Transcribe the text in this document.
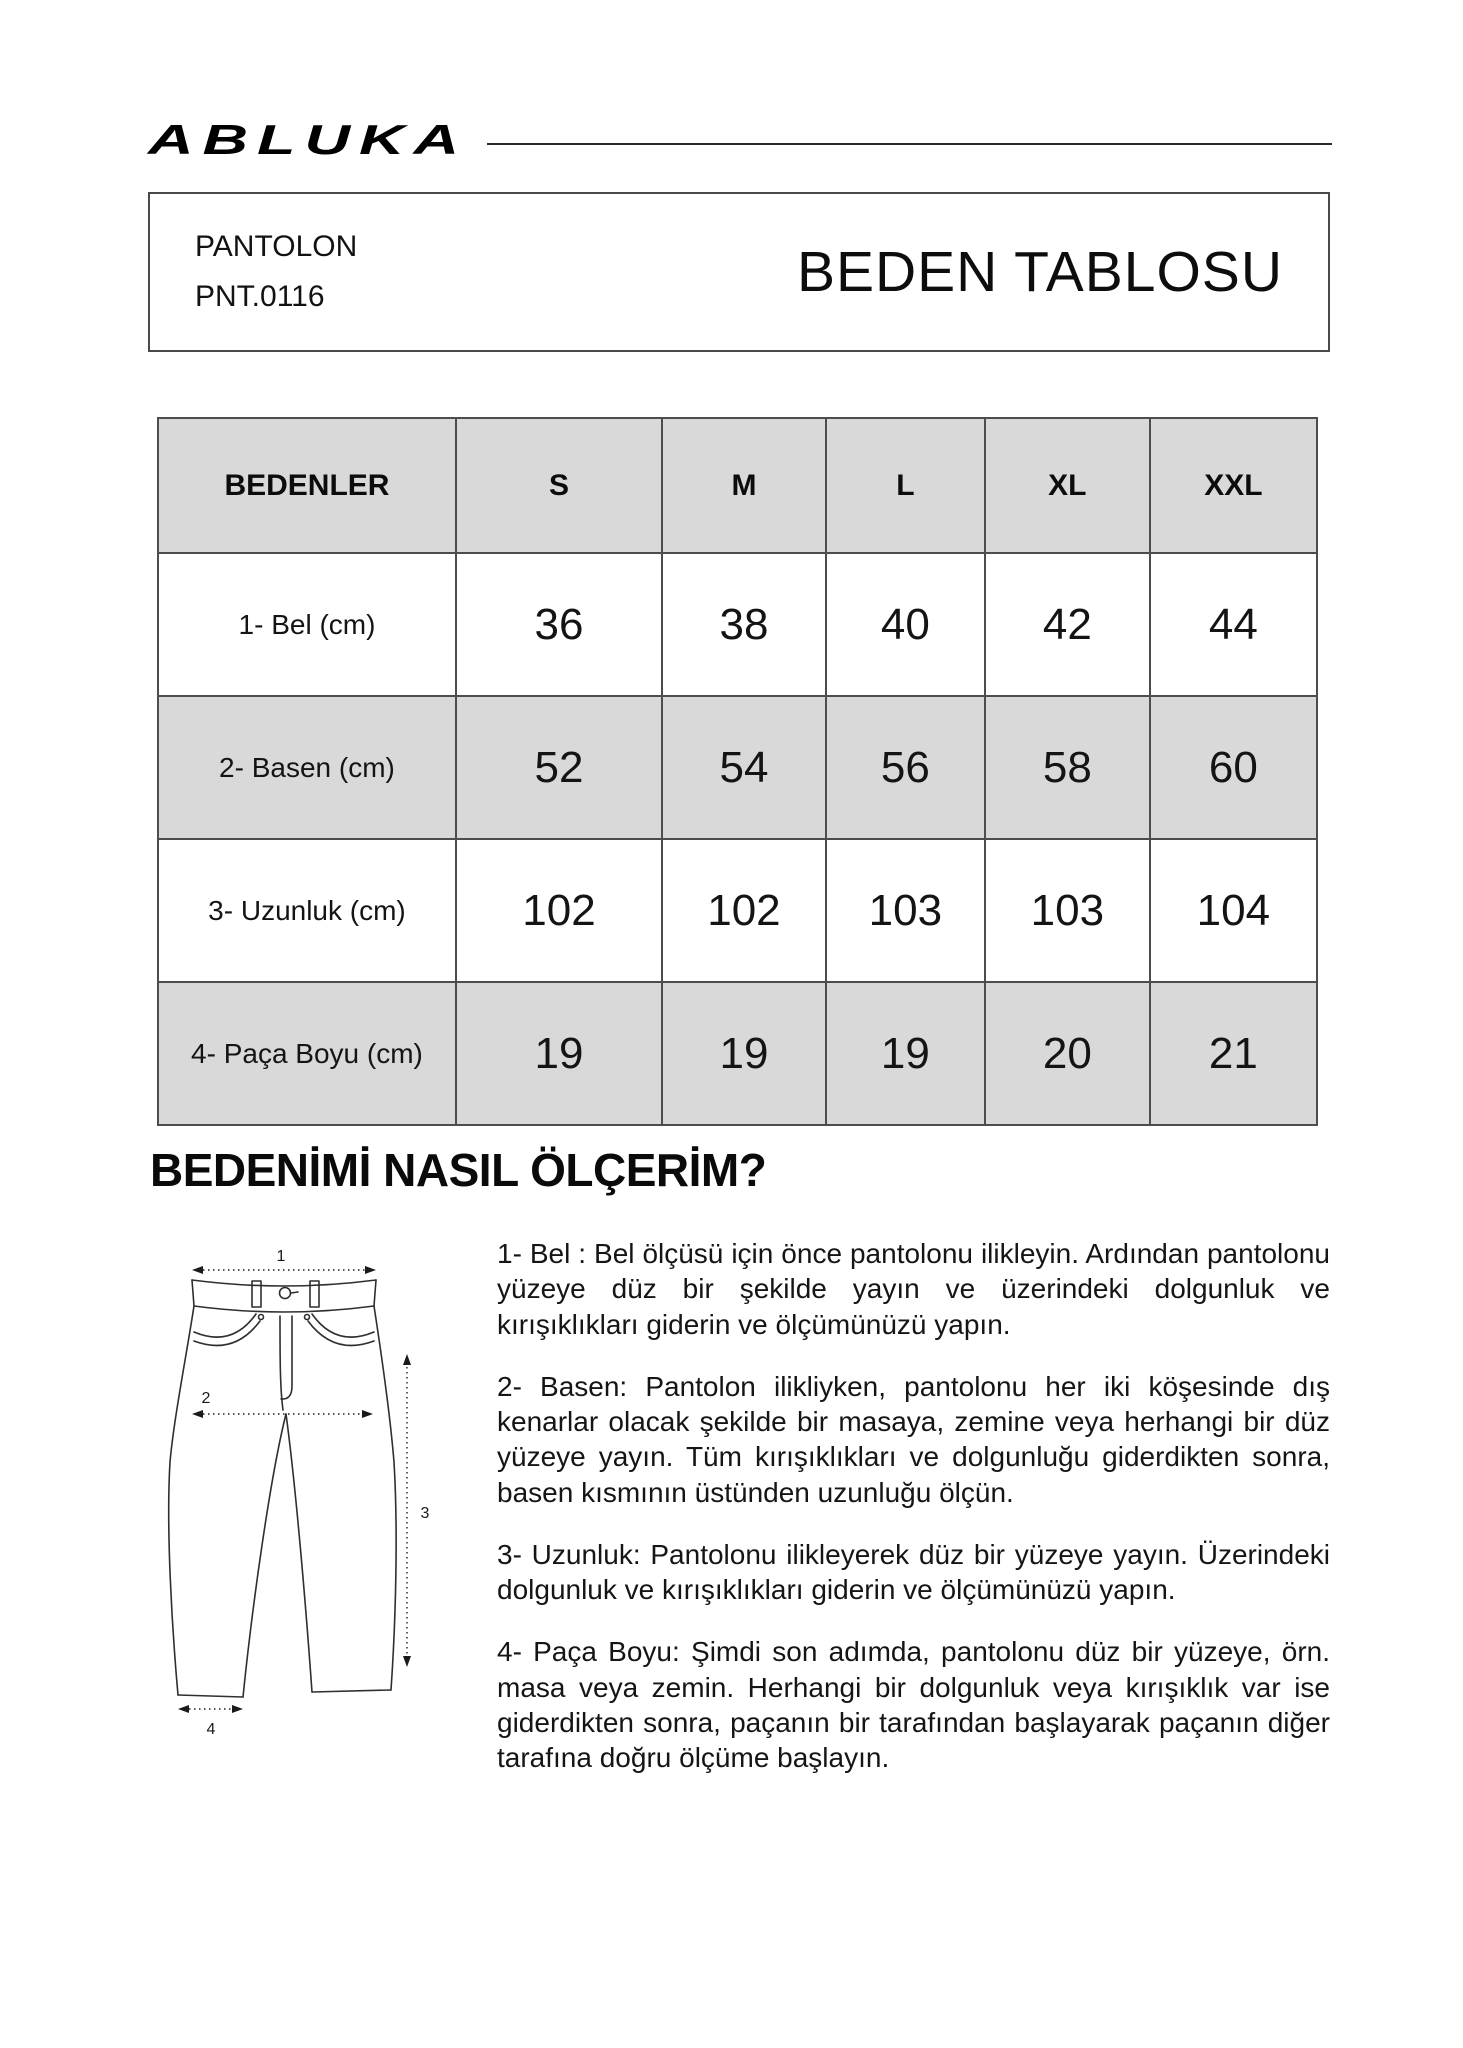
ABLUKA
PANTOLON
PNT.0116	BEDEN TABLOSU
BEDENLER	S	M	L	XL	XXL
1- Bel (cm)	36	38	40	42	44
2- Basen (cm)	52	54	56	58	60
3- Uzunluk (cm)	102	102	103	103	104
4- Paça Boyu (cm)	19	19	19	20	21
BEDENİMİ NASIL ÖLÇERİM?
1
2
3
4

1- Bel : Bel ölçüsü için önce pantolonu ilikleyin. Ardından pantolonu yüzeye düz bir şekilde yayın ve üzerindeki dolgunluk ve kırışıklıkları giderin ve ölçümünüzü yapın.

2- Basen: Pantolon ilikliyken, pantolonu her iki köşesinde dış kenarlar olacak şekilde bir masaya, zemine veya herhangi bir düz yüzeye yayın. Tüm kırışıklıkları ve dolgunluğu giderdikten sonra, basen kısmının üstünden uzunluğu ölçün.

3- Uzunluk: Pantolonu ilikleyerek düz bir yüzeye yayın. Üzerindeki dolgunluk ve kırışıklıkları giderin ve ölçümünüzü yapın.

4- Paça Boyu: Şimdi son adımda, pantolonu düz bir yüzeye, örn. masa veya zemin. Herhangi bir dolgunluk veya kırışıklık var ise giderdikten sonra, paçanın bir tarafından başlayarak paçanın diğer tarafına doğru ölçüme başlayın.
